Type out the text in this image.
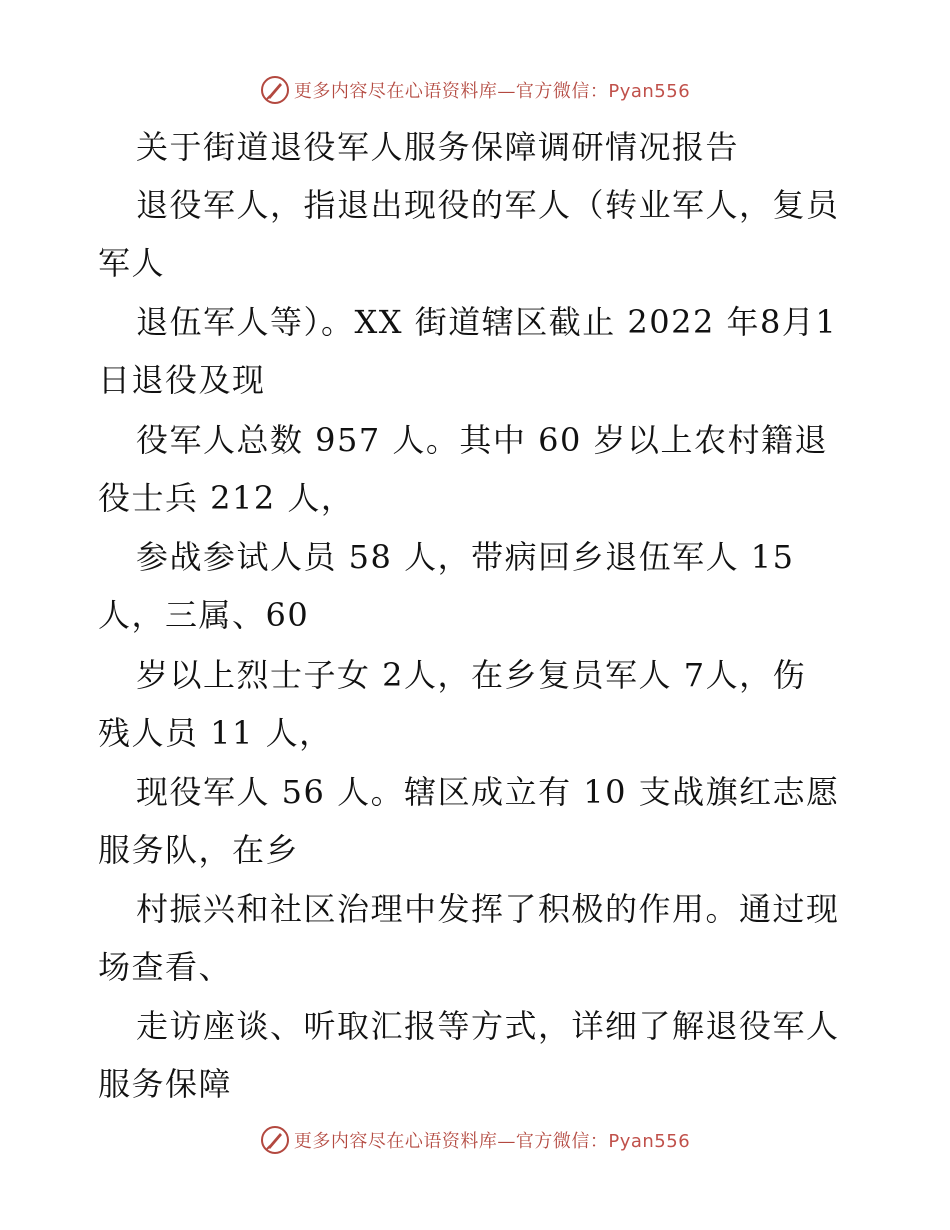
更多内容尽在心语资料库—官方微信：Pyan556
关于街道退役军人服务保障调研情况报告
退役军人，指退出现役的军人（转业军人，复员
军人
退伍军人等）。XX 街道辖区截止 2022 年8月1
日退役及现
役军人总数 957 人。其中 60 岁以上农村籍退
役士兵 212 人，
参战参试人员 58 人，带病回乡退伍军人 15
人，三属、60
岁以上烈士子女 2人，在乡复员军人 7人，伤
残人员 11 人，
现役军人 56 人。辖区成立有 10 支战旗红志愿
服务队，在乡
村振兴和社区治理中发挥了积极的作用。通过现
场查看、
走访座谈、听取汇报等方式，详细了解退役军人
服务保障
更多内容尽在心语资料库—官方微信：Pyan556
